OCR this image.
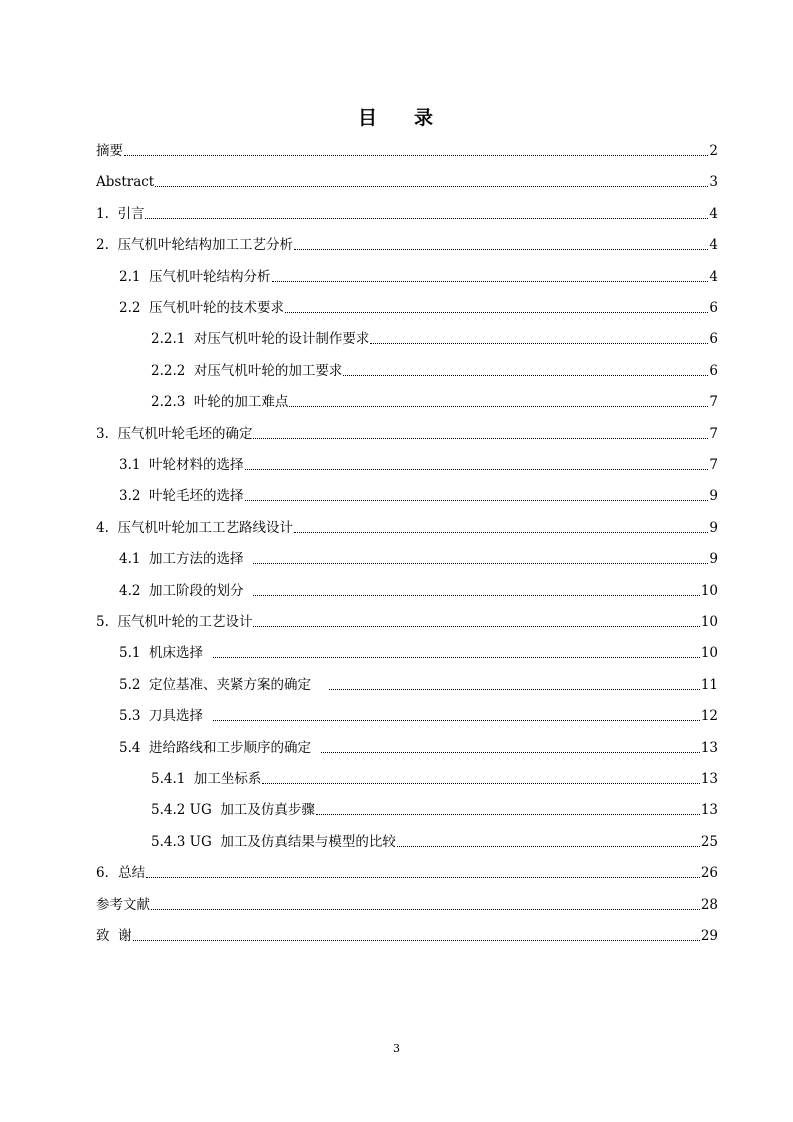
目 录
摘要	2
Abstract	3
1.  引言	4
2.  压气机叶轮结构加工工艺分析	4
2.1  压气机叶轮结构分析	4
2.2  压气机叶轮的技术要求	6
2.2.1  对压气机叶轮的设计制作要求	6
2.2.2  对压气机叶轮的加工要求	6
2.2.3  叶轮的加工难点	7
3.  压气机叶轮毛坯的确定	7
3.1  叶轮材料的选择	7
3.2  叶轮毛坯的选择	9
4.  压气机叶轮加工工艺路线设计	9
4.1  加工方法的选择	9
4.2  加工阶段的划分	10
5.  压气机叶轮的工艺设计	10
5.1  机床选择	10
5.2  定位基准、夹紧方案的确定	11
5.3  刀具选择	12
5.4  进给路线和工步顺序的确定	13
5.4.1  加工坐标系	13
5.4.2 UG  加工及仿真步骤	13
5.4.3 UG  加工及仿真结果与模型的比较	25
6．总结	26
参考文献	28
致  谢	29
3
